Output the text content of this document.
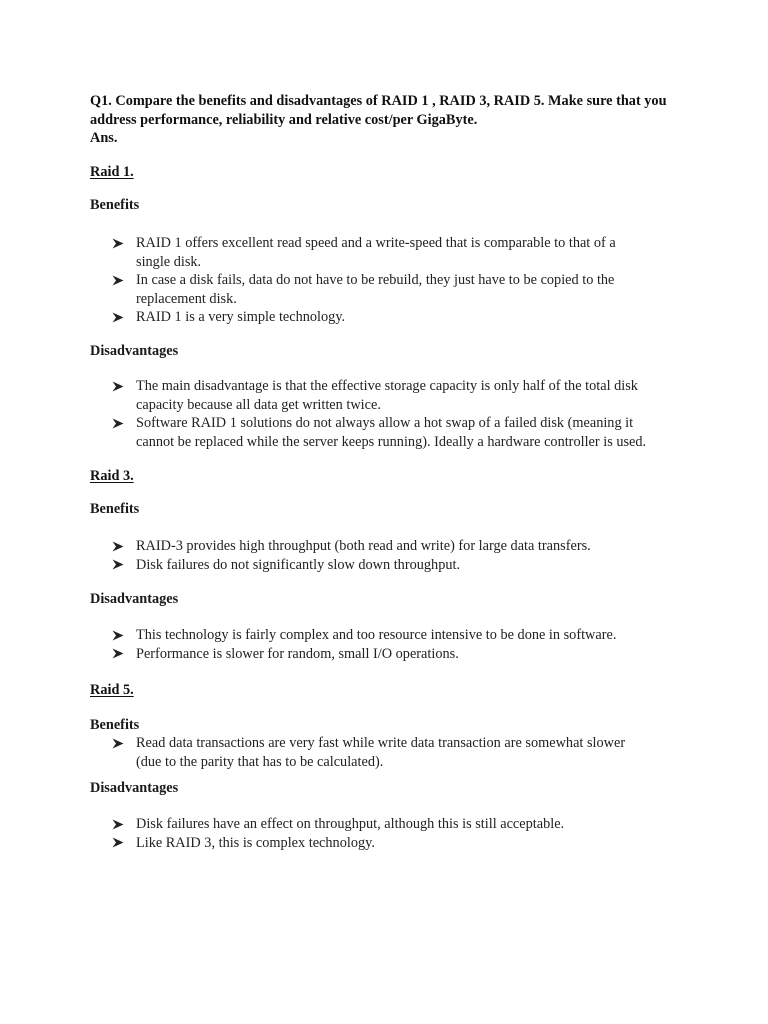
Q1. Compare the benefits and disadvantages of RAID 1 , RAID 3, RAID 5. Make sure that you
address performance, reliability and relative cost/per GigaByte.
Ans.
Raid 1.
Benefits
RAID 1 offers excellent read speed and a write-speed that is comparable to that of a
single disk.
In case a disk fails, data do not have to be rebuild, they just have to be copied to the
replacement disk.
RAID 1 is a very simple technology.
Disadvantages
The main disadvantage is that the effective storage capacity is only half of the total disk
capacity because all data get written twice.
Software RAID 1 solutions do not always allow a hot swap of a failed disk (meaning it
cannot be replaced while the server keeps running). Ideally a hardware controller is used.
Raid 3.
Benefits
RAID-3 provides high throughput (both read and write) for large data transfers.
Disk failures do not significantly slow down throughput.
Disadvantages
This technology is fairly complex and too resource intensive to be done in software.
Performance is slower for random, small I/O operations.
Raid 5.
Benefits
Read data transactions are very fast while write data transaction are somewhat slower
(due to the parity that has to be calculated).
Disadvantages
Disk failures have an effect on throughput, although this is still acceptable.
Like RAID 3, this is complex technology.
